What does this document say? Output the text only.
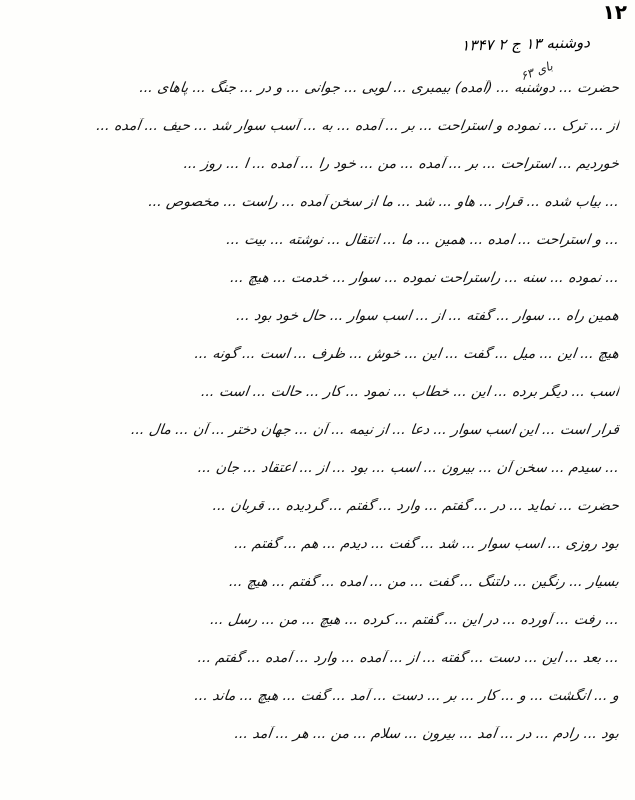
۱۲
دوشنبه ۱۳ ج ۲ ۱۳۴۷
بای ۶۳
حضرت ... دوشنبه ... (آمده) بیمبری ... لوبی ... جوانی ... و در ... جنگ ... پاهای ...
از ... ترک ... نموده و استراحت ... بر ... آمده ... به ... آسب سوار شد ... حیف ... آمده ...
خوردیم ... استراحت ... بر ... آمده ... من ... خود را ... آمده ... ا ... روز ...
... بیاب شده ... قرار ... هاو ... شد ... ما از سخن آمده ... راست ... مخصوص ...
... و استراحت ... امده ... همین ... ما ... انتقال ... نوشته ... بیت ...
... نموده ... سنه ... راستراحت نموده ... سوار ... خدمت ... هیچ ...
همین راه ... سوار ... گفته ... از ... اسب سوار ... حال خود بود ...
هیچ ... این ... میل ... گفت ... این ... خوش ... ظرف ... است ... گونه ...
اسب ... دیگر برده ... این ... خطاب ... نمود ... کار ... حالت ... است ...
قرار است ... این اسب سوار ... دعا ... از نیمه ... آن ... جهان دختر ... آن ... مال ...
... سیدم ... سخن آن ... بیرون ... اسب ... بود ... از ... اعتقاد ... جان ...
حضرت ... نماید ... در ... گفتم ... وارد ... گفتم ... گردیده ... قربان ...
بود روزی ... اسب سوار ... شد ... گفت ... دیدم ... هم ... گفتم ...
بسیار ... رنگین ... دلتنگ ... گفت ... من ... امده ... گفتم ... هیچ ...
... رفت ... آورده ... در این ... گفتم ... کرده ... هیچ ... من ... رسل ...
... بعد ... این ... دست ... گفته ... از ... آمده ... وارد ... آمده ... گفتم ...
و ... انگشت ... و ... کار ... بر ... دست ... آمد ... گفت ... هیچ ... ماند ...
بود ... رادم ... در ... آمد ... بیرون ... سلام ... من ... هر ... آمد ...
